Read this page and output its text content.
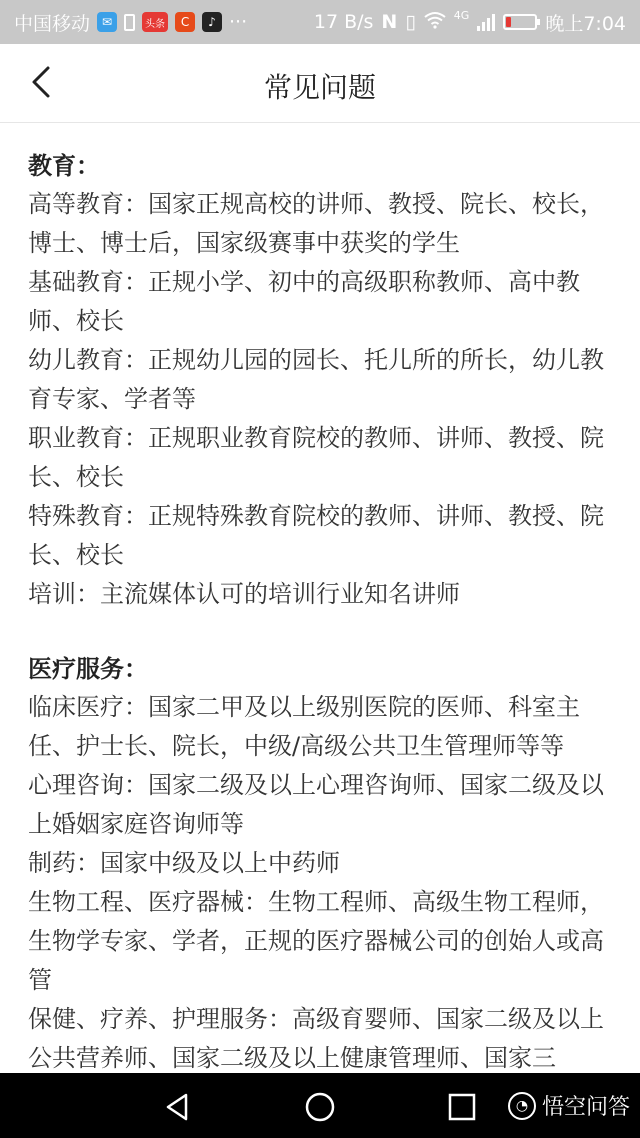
中国移动 ✉	头条	C	♪ ···	17 B/s N ▯	4G	晚上7:04
常见问题
教育：
高等教育：国家正规高校的讲师、教授、院长、校长，博士、博士后，国家级赛事中获奖的学生
基础教育：正规小学、初中的高级职称教师、高中教师、校长
幼儿教育：正规幼儿园的园长、托儿所的所长，幼儿教育专家、学者等
职业教育：正规职业教育院校的教师、讲师、教授、院长、校长
特殊教育：正规特殊教育院校的教师、讲师、教授、院长、校长
培训：主流媒体认可的培训行业知名讲师
医疗服务：
临床医疗：国家二甲及以上级别医院的医师、科室主任、护士长、院长，中级/高级公共卫生管理师等等
心理咨询：国家二级及以上心理咨询师、国家二级及以上婚姻家庭咨询师等
制药：国家中级及以上中药师
生物工程、医疗器械：生物工程师、高级生物工程师，生物学专家、学者，正规的医疗器械公司的创始人或高管
保健、疗养、护理服务：高级育婴师、国家二级及以上公共营养师、国家二级及以上健康管理师、国家三
◔ 悟空问答
